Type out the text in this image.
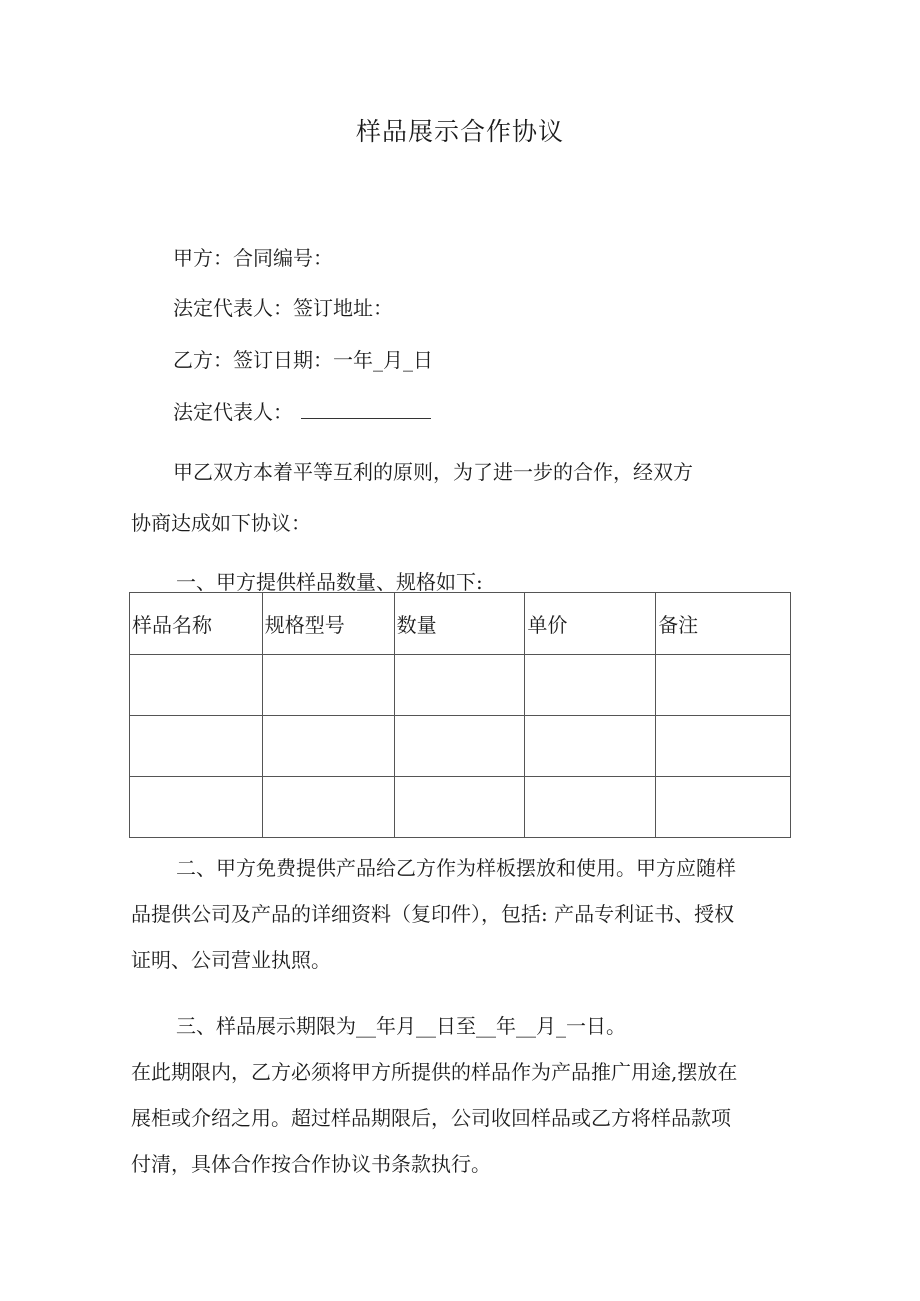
样品展示合作协议
甲方：合同编号：
法定代表人：签订地址：
乙方：签订日期：一年_月_日
法定代表人：
甲乙双方本着平等互利的原则，为了进一步的合作，经双方
协商达成如下协议：
一、甲方提供样品数量、规格如下:
样品名称	规格型号	数量	单价	备注

二、甲方免费提供产品给乙方作为样板摆放和使用。甲方应随样
品提供公司及产品的详细资料（复印件），包括: 产品专利证书、授权
证明、公司营业执照。
三、样品展示期限为__年月__日至__年__月_一日。
在此期限内，乙方必须将甲方所提供的样品作为产品推广用途,摆放在
展柜或介绍之用。超过样品期限后，公司收回样品或乙方将样品款项
付清，具体合作按合作协议书条款执行。
